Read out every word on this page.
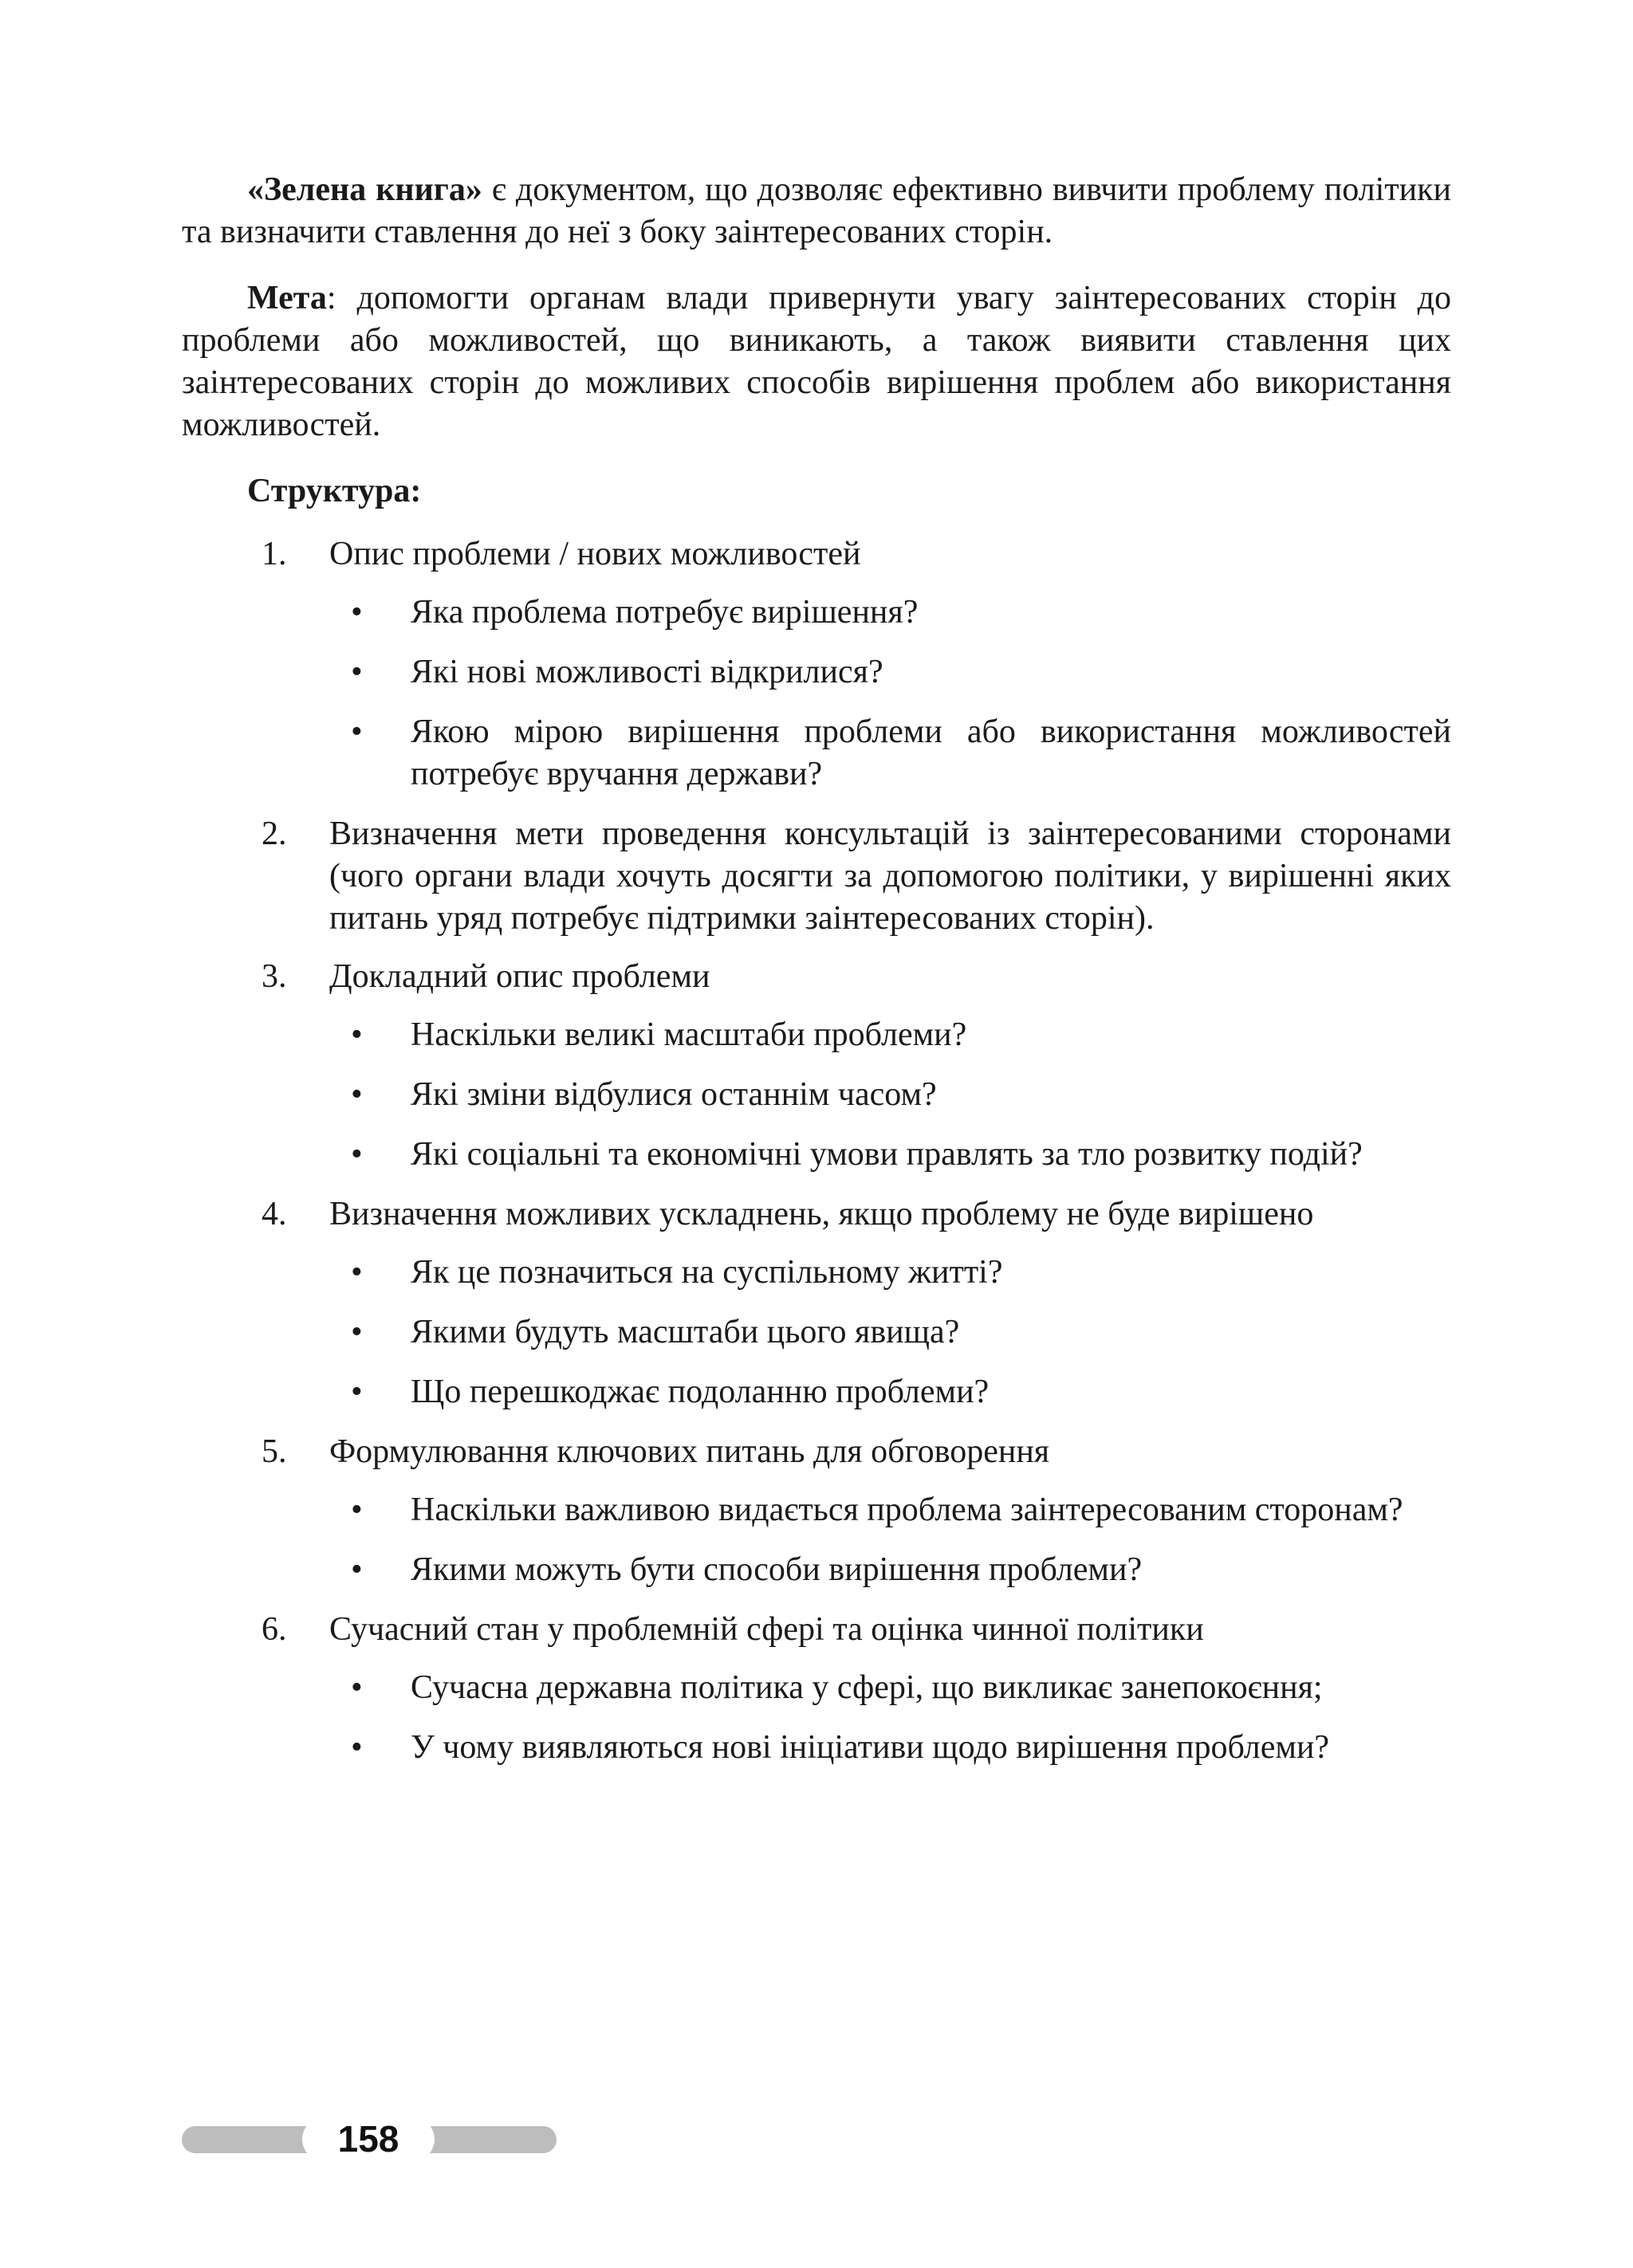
«Зелена книга» є документом, що дозволяє ефективно вивчити проблему політики та визначити ставлення до неї з боку заінтересованих сторін.

Мета: допомогти органам влади привернути увагу заінтересованих сторін до проблеми або можливостей, що виникають, а також виявити ставлення цих заінтересованих сторін до можливих способів вирішення проблем або використання можливостей.

Структура:
1. Опис проблеми / нових можливостей
• Яка проблема потребує вирішення?
• Які нові можливості відкрилися?
• Якою мірою вирішення проблеми або використання можливостей потребує вручання держави?
2. Визначення мети проведення консультацій із заінтересованими сторонами (чого органи влади хочуть досягти за допомогою політики, у вирішенні яких питань уряд потребує підтримки заінтересованих сторін).
3. Докладний опис проблеми
• Наскільки великі масштаби проблеми?
• Які зміни відбулися останнім часом?
• Які соціальні та економічні умови правлять за тло розвитку подій?
4. Визначення можливих ускладнень, якщо проблему не буде вирішено
• Як це позначиться на суспільному житті?
• Якими будуть масштаби цього явища?
• Що перешкоджає подоланню проблеми?
5. Формулювання ключових питань для обговорення
• Наскільки важливою видається проблема заінтересованим сторонам?
• Якими можуть бути способи вирішення проблеми?
6. Сучасний стан у проблемній сфері та оцінка чинної політики
• Сучасна державна політика у сфері, що викликає занепокоєння;
• У чому виявляються нові ініціативи щодо вирішення проблеми?
158
